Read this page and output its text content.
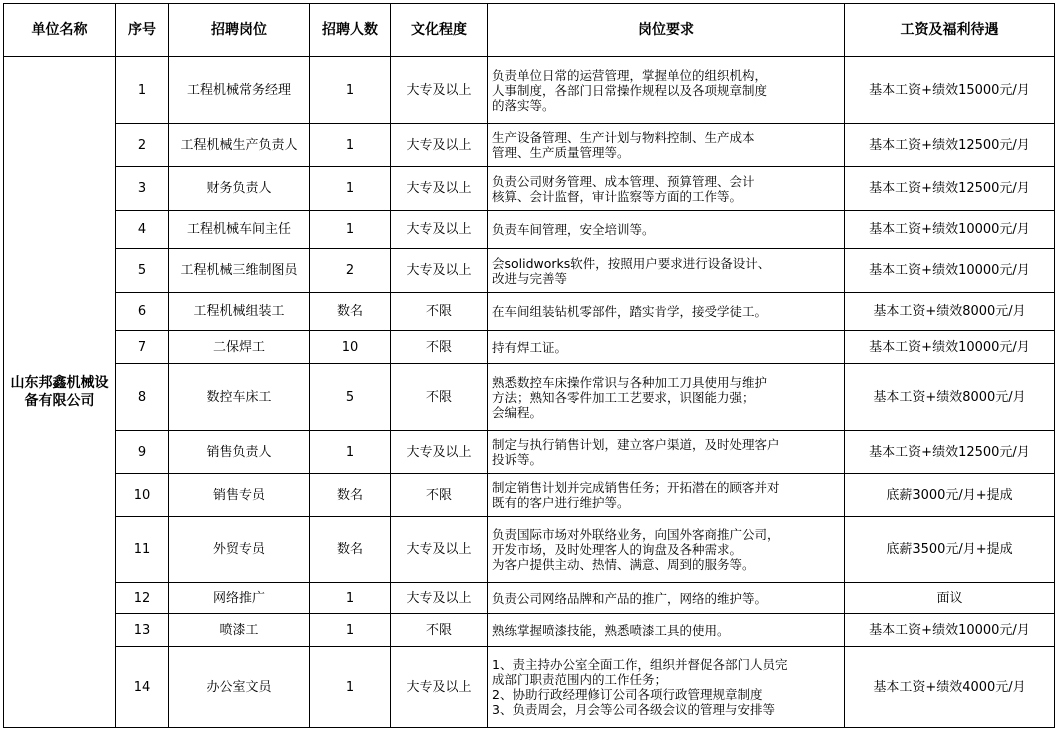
单位名称	序号	招聘岗位	招聘人数	文化程度	岗位要求	工资及福利待遇
山东邦鑫机械设备有限公司	1	工程机械常务经理	1	大专及以上	负责单位日常的运营管理，掌握单位的组织机构，
人事制度，各部门日常操作规程以及各项规章制度
的落实等。	基本工资+绩效15000元/月
	2	工程机械生产负责人	1	大专及以上	生产设备管理、生产计划与物料控制、生产成本
管理、生产质量管理等。	基本工资+绩效12500元/月
	3	财务负责人	1	大专及以上	负责公司财务管理、成本管理、预算管理、会计
核算、会计监督，审计监察等方面的工作等。	基本工资+绩效12500元/月
	4	工程机械车间主任	1	大专及以上	负责车间管理，安全培训等。	基本工资+绩效10000元/月
	5	工程机械三维制图员	2	大专及以上	会solidworks软件，按照用户要求进行设备设计、
改进与完善等	基本工资+绩效10000元/月
	6	工程机械组装工	数名	不限	在车间组装钻机零部件，踏实肯学，接受学徒工。	基本工资+绩效8000元/月
	7	二保焊工	10	不限	持有焊工证。	基本工资+绩效10000元/月
	8	数控车床工	5	不限	熟悉数控车床操作常识与各种加工刀具使用与维护
方法；熟知各零件加工工艺要求，识图能力强；
会编程。	基本工资+绩效8000元/月
	9	销售负责人	1	大专及以上	制定与执行销售计划，建立客户渠道，及时处理客户
投诉等。	基本工资+绩效12500元/月
	10	销售专员	数名	不限	制定销售计划并完成销售任务；开拓潜在的顾客并对
既有的客户进行维护等。	底薪3000元/月+提成
	11	外贸专员	数名	大专及以上	负责国际市场对外联络业务，向国外客商推广公司，
开发市场，及时处理客人的询盘及各种需求。
为客户提供主动、热情、满意、周到的服务等。	底薪3500元/月+提成
	12	网络推广	1	大专及以上	负责公司网络品牌和产品的推广，网络的维护等。	面议
	13	喷漆工	1	不限	熟练掌握喷漆技能，熟悉喷漆工具的使用。	基本工资+绩效10000元/月
	14	办公室文员	1	大专及以上	1、责主持办公室全面工作，组织并督促各部门人员完
成部门职责范围内的工作任务；
2、协助行政经理修订公司各项行政管理规章制度
3、负责周会，月会等公司各级会议的管理与安排等	基本工资+绩效4000元/月
